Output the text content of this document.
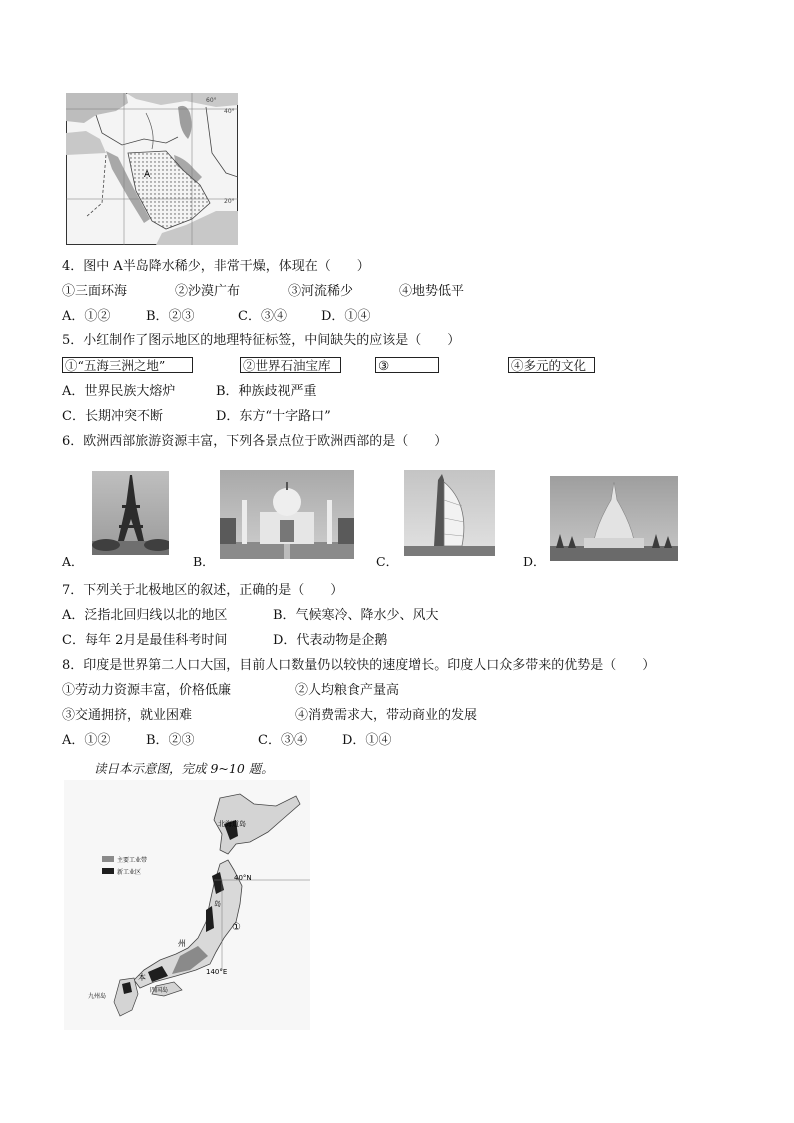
A
60°
40°
20°
4．图中 A半岛降水稀少，非常干燥，体现在（　　）
①三面环海	②沙漠广布	③河流稀少	④地势低平
A．①②	B．②③	C．③④	D．①④
5．小红制作了图示地区的地理特征标签，中间缺失的应该是（　　）
①“五海三洲之地”	②世界石油宝库	③	④多元的文化
A．世界民族大熔炉	B．种族歧视严重
C．长期冲突不断	D．东方“十字路口”
6．欧洲西部旅游资源丰富，下列各景点位于欧洲西部的是（　　）
A．	B．	C．	D．
7．下列关于北极地区的叙述，正确的是（　　）
A．泛指北回归线以北的地区	B．气候寒冷、降水少、风大
C．每年 2月是最佳科考时间	D．代表动物是企鹅
8．印度是世界第二人口大国，目前人口数量仍以较快的速度增长。印度人口众多带来的优势是（　　）
①劳动力资源丰富，价格低廉	②人均粮食产量高
③交通拥挤，就业困难	④消费需求大，带动商业的发展
A．①②	B．②③	C．③④	D．①④
读日本示意图，完成 9~10 题。
主要工业带
新工业区
北海道岛
40°N
岛
州
①
140°E
本
四国岛
九州岛
